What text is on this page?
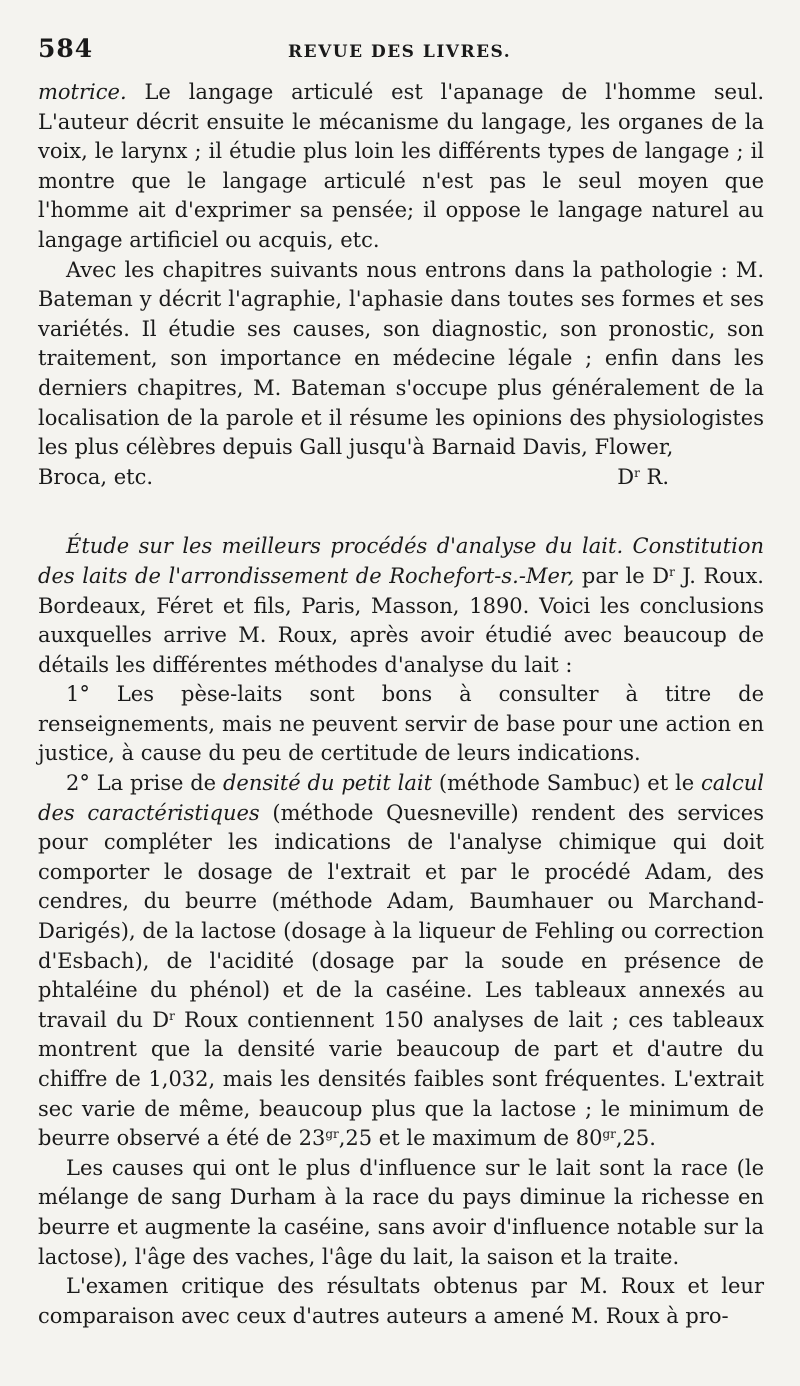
584	REVUE DES LIVRES.

motrice. Le langage articulé est l'apanage de l'homme seul. L'auteur décrit ensuite le mécanisme du langage, les organes de la voix, le larynx ; il étudie plus loin les différents types de langage ; il montre que le langage articulé n'est pas le seul moyen que l'homme ait d'exprimer sa pensée; il oppose le langage naturel au langage artificiel ou acquis, etc.

Avec les chapitres suivants nous entrons dans la pathologie : M. Bateman y décrit l'agraphie, l'aphasie dans toutes ses formes et ses variétés. Il étudie ses causes, son diagnostic, son pronostic, son traitement, son importance en médecine légale ; enfin dans les derniers chapitres, M. Bateman s'occupe plus généralement de la localisation de la parole et il résume les opinions des physiologistes les plus célèbres depuis Gall jusqu'à Barnaid Davis, Flower,

Broca, etc.	$D^r$ R.

Étude sur les meilleurs procédés d'analyse du lait. Constitution des laits de l'arrondissement de Rochefort-s.-Mer, par le $D^r$ J. Roux. Bordeaux, Féret et fils, Paris, Masson, 1890. Voici les conclusions auxquelles arrive M. Roux, après avoir étudié avec beaucoup de détails les différentes méthodes d'analyse du lait :

1° Les pèse-laits sont bons à consulter à titre de renseignements, mais ne peuvent servir de base pour une action en justice, à cause du peu de certitude de leurs indications.

2° La prise de densité du petit lait (méthode Sambuc) et le calcul des caractéristiques (méthode Quesneville) rendent des services pour compléter les indications de l'analyse chimique qui doit comporter le dosage de l'extrait et par le procédé Adam, des cendres, du beurre (méthode Adam, Baumhauer ou Marchand-Darigés), de la lactose (dosage à la liqueur de Fehling ou correction d'Esbach), de l'acidité (dosage par la soude en présence de phtaléine du phénol) et de la caséine. Les tableaux annexés au travail du $D^r$ Roux contiennent 150 analyses de lait ; ces tableaux montrent que la densité varie beaucoup de part et d'autre du chiffre de 1,032, mais les densités faibles sont fréquentes. L'extrait sec varie de même, beaucoup plus que la lactose ; le minimum de beurre observé a été de $23^{gr},25$ et le maximum de $80^{gr},25$.

Les causes qui ont le plus d'influence sur le lait sont la race (le mélange de sang Durham à la race du pays diminue la richesse en beurre et augmente la caséine, sans avoir d'influence notable sur la lactose), l'âge des vaches, l'âge du lait, la saison et la traite.

L'examen critique des résultats obtenus par M. Roux et leur comparaison avec ceux d'autres auteurs a amené M. Roux à pro-
